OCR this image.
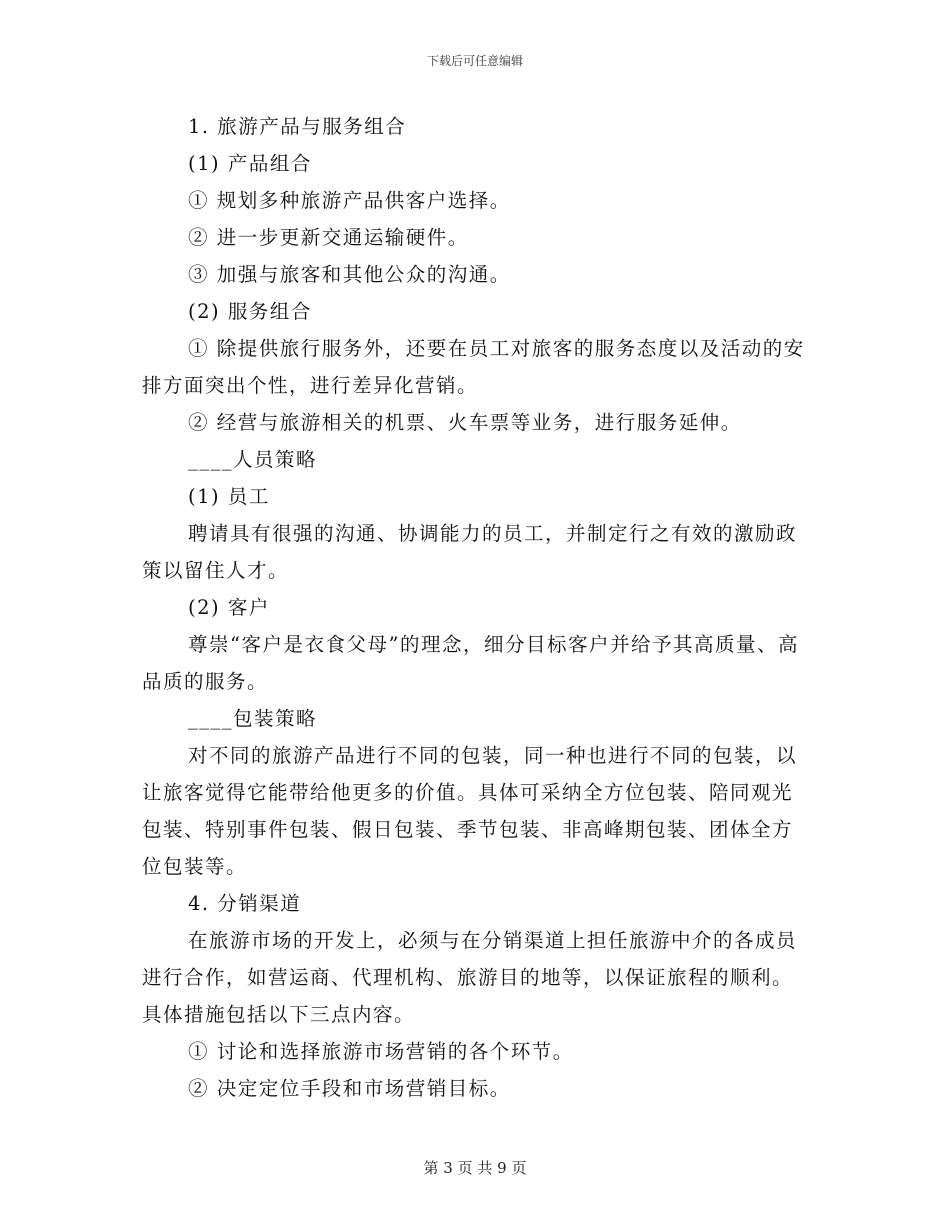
下载后可任意编辑

1. 旅游产品与服务组合

(1) 产品组合

① 规划多种旅游产品供客户选择。

② 进一步更新交通运输硬件。

③ 加强与旅客和其他公众的沟通。

(2) 服务组合

① 除提供旅行服务外，还要在员工对旅客的服务态度以及活动的安排方面突出个性，进行差异化营销。

② 经营与旅游相关的机票、火车票等业务，进行服务延伸。

____人员策略

(1) 员工

聘请具有很强的沟通、协调能力的员工，并制定行之有效的激励政策以留住人才。

(2) 客户

尊崇“客户是衣食父母”的理念，细分目标客户并给予其高质量、高品质的服务。

____包装策略

对不同的旅游产品进行不同的包装，同一种也进行不同的包装，以让旅客觉得它能带给他更多的价值。具体可采纳全方位包装、陪同观光包装、特别事件包装、假日包装、季节包装、非高峰期包装、团体全方位包装等。

4. 分销渠道

在旅游市场的开发上，必须与在分销渠道上担任旅游中介的各成员进行合作，如营运商、代理机构、旅游目的地等，以保证旅程的顺利。具体措施包括以下三点内容。

① 讨论和选择旅游市场营销的各个环节。

② 决定定位手段和市场营销目标。

第 3 页 共 9 页
